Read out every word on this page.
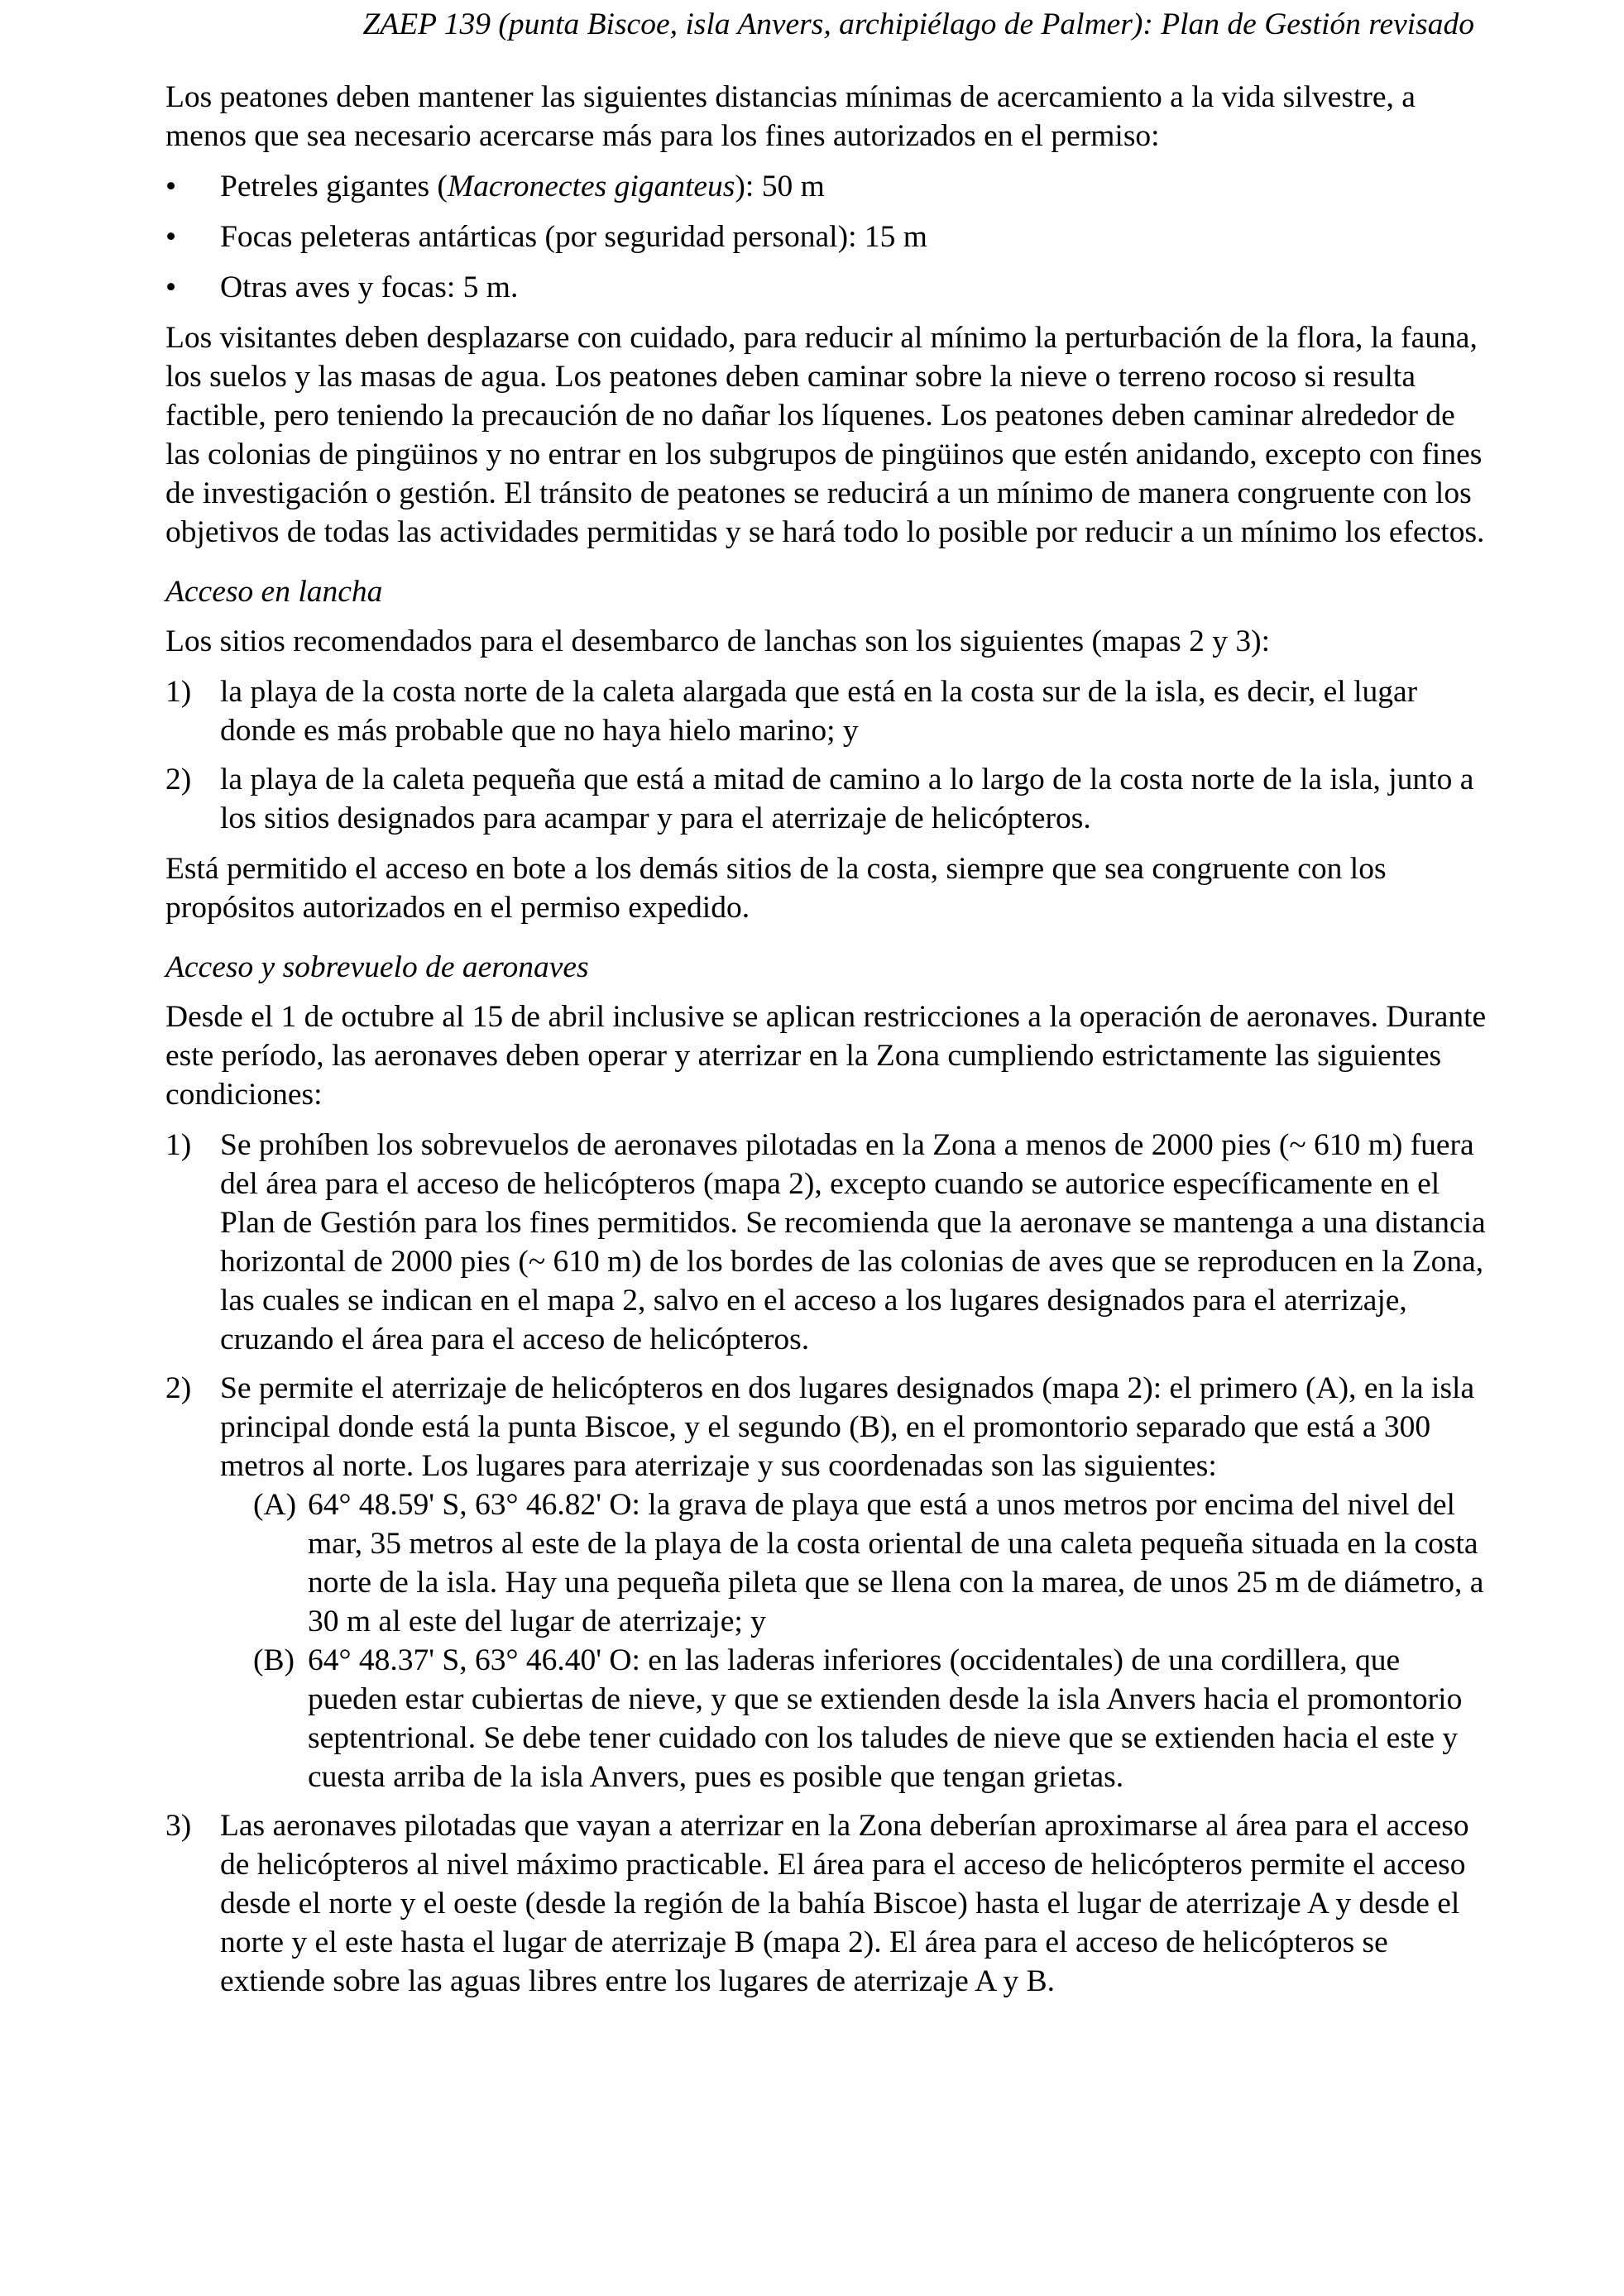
ZAEP 139 (punta Biscoe, isla Anvers, archipiélago de Palmer): Plan de Gestión revisado

Los peatones deben mantener las siguientes distancias mínimas de acercamiento a la vida silvestre, a menos que sea necesario acercarse más para los fines autorizados en el permiso:

• Petreles gigantes (Macronectes giganteus): 50 m
• Focas peleteras antárticas (por seguridad personal): 15 m
• Otras aves y focas: 5 m.

Los visitantes deben desplazarse con cuidado, para reducir al mínimo la perturbación de la flora, la fauna, los suelos y las masas de agua. Los peatones deben caminar sobre la nieve o terreno rocoso si resulta factible, pero teniendo la precaución de no dañar los líquenes. Los peatones deben caminar alrededor de las colonias de pingüinos y no entrar en los subgrupos de pingüinos que estén anidando, excepto con fines de investigación o gestión. El tránsito de peatones se reducirá a un mínimo de manera congruente con los objetivos de todas las actividades permitidas y se hará todo lo posible por reducir a un mínimo los efectos.

Acceso en lancha

Los sitios recomendados para el desembarco de lanchas son los siguientes (mapas 2 y 3):

1) la playa de la costa norte de la caleta alargada que está en la costa sur de la isla, es decir, el lugar donde es más probable que no haya hielo marino; y
2) la playa de la caleta pequeña que está a mitad de camino a lo largo de la costa norte de la isla, junto a los sitios designados para acampar y para el aterrizaje de helicópteros.

Está permitido el acceso en bote a los demás sitios de la costa, siempre que sea congruente con los propósitos autorizados en el permiso expedido.

Acceso y sobrevuelo de aeronaves

Desde el 1 de octubre al 15 de abril inclusive se aplican restricciones a la operación de aeronaves. Durante este período, las aeronaves deben operar y aterrizar en la Zona cumpliendo estrictamente las siguientes condiciones:

1) Se prohíben los sobrevuelos de aeronaves pilotadas en la Zona a menos de 2000 pies (~ 610 m) fuera del área para el acceso de helicópteros (mapa 2), excepto cuando se autorice específicamente en el Plan de Gestión para los fines permitidos. Se recomienda que la aeronave se mantenga a una distancia horizontal de 2000 pies (~ 610 m) de los bordes de las colonias de aves que se reproducen en la Zona, las cuales se indican en el mapa 2, salvo en el acceso a los lugares designados para el aterrizaje, cruzando el área para el acceso de helicópteros.
2) Se permite el aterrizaje de helicópteros en dos lugares designados (mapa 2): el primero (A), en la isla principal donde está la punta Biscoe, y el segundo (B), en el promontorio separado que está a 300 metros al norte. Los lugares para aterrizaje y sus coordenadas son las siguientes:
(A) 64° 48.59' S, 63° 46.82' O: la grava de playa que está a unos metros por encima del nivel del mar, 35 metros al este de la playa de la costa oriental de una caleta pequeña situada en la costa norte de la isla. Hay una pequeña pileta que se llena con la marea, de unos 25 m de diámetro, a 30 m al este del lugar de aterrizaje; y
(B) 64° 48.37' S, 63° 46.40' O: en las laderas inferiores (occidentales) de una cordillera, que pueden estar cubiertas de nieve, y que se extienden desde la isla Anvers hacia el promontorio septentrional. Se debe tener cuidado con los taludes de nieve que se extienden hacia el este y cuesta arriba de la isla Anvers, pues es posible que tengan grietas.
3) Las aeronaves pilotadas que vayan a aterrizar en la Zona deberían aproximarse al área para el acceso de helicópteros al nivel máximo practicable. El área para el acceso de helicópteros permite el acceso desde el norte y el oeste (desde la región de la bahía Biscoe) hasta el lugar de aterrizaje A y desde el norte y el este hasta el lugar de aterrizaje B (mapa 2). El área para el acceso de helicópteros se extiende sobre las aguas libres entre los lugares de aterrizaje A y B.
